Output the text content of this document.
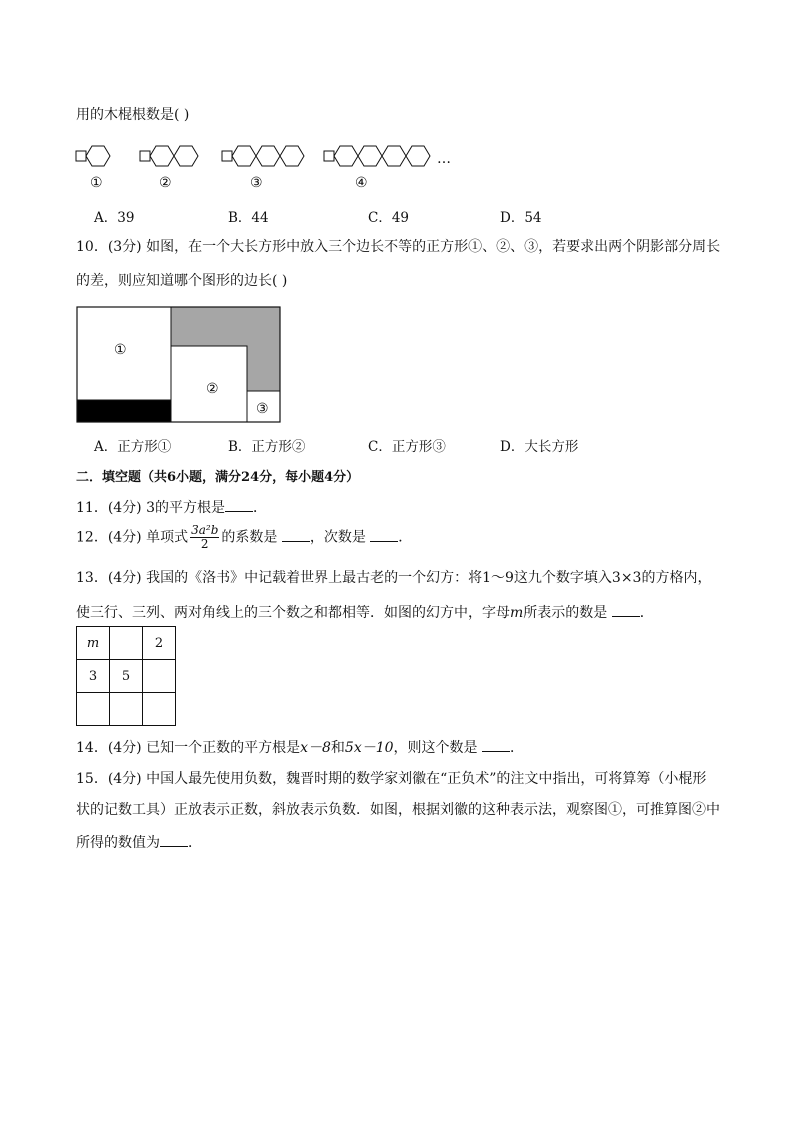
用的木棍根数是( )
…
①	②	③	④
A．39	B．44	C．49	D．54
10．(3分) 如图，在一个大长方形中放入三个边长不等的正方形①、②、③，若要求出两个阴影部分周长
的差，则应知道哪个图形的边长( )
①
②
③
A．正方形①	B．正方形②	C．正方形③	D．大长方形
二．填空题（共6小题，满分24分，每小题4分）
11．(4分) 3的平方根是 ．
12．(4分) 单项式 $\frac{\text{3a²b}}{2}$ 的系数是 ，次数是 ．
13．(4分) 我国的《洛书》中记载着世界上最古老的一个幻方：将1～9这九个数字填入3×3的方格内，
使三行、三列、两对角线上的三个数之和都相等．如图的幻方中，字母m所表示的数是 ．
m		2
3	5	

14．(4分) 已知一个正数的平方根是x－8和5x－10，则这个数是 ．
15．(4分) 中国人最先使用负数，魏晋时期的数学家刘徽在“正负术”的注文中指出，可将算筹（小棍形
状的记数工具）正放表示正数，斜放表示负数．如图，根据刘徽的这种表示法，观察图①，可推算图②中
所得的数值为 ．
